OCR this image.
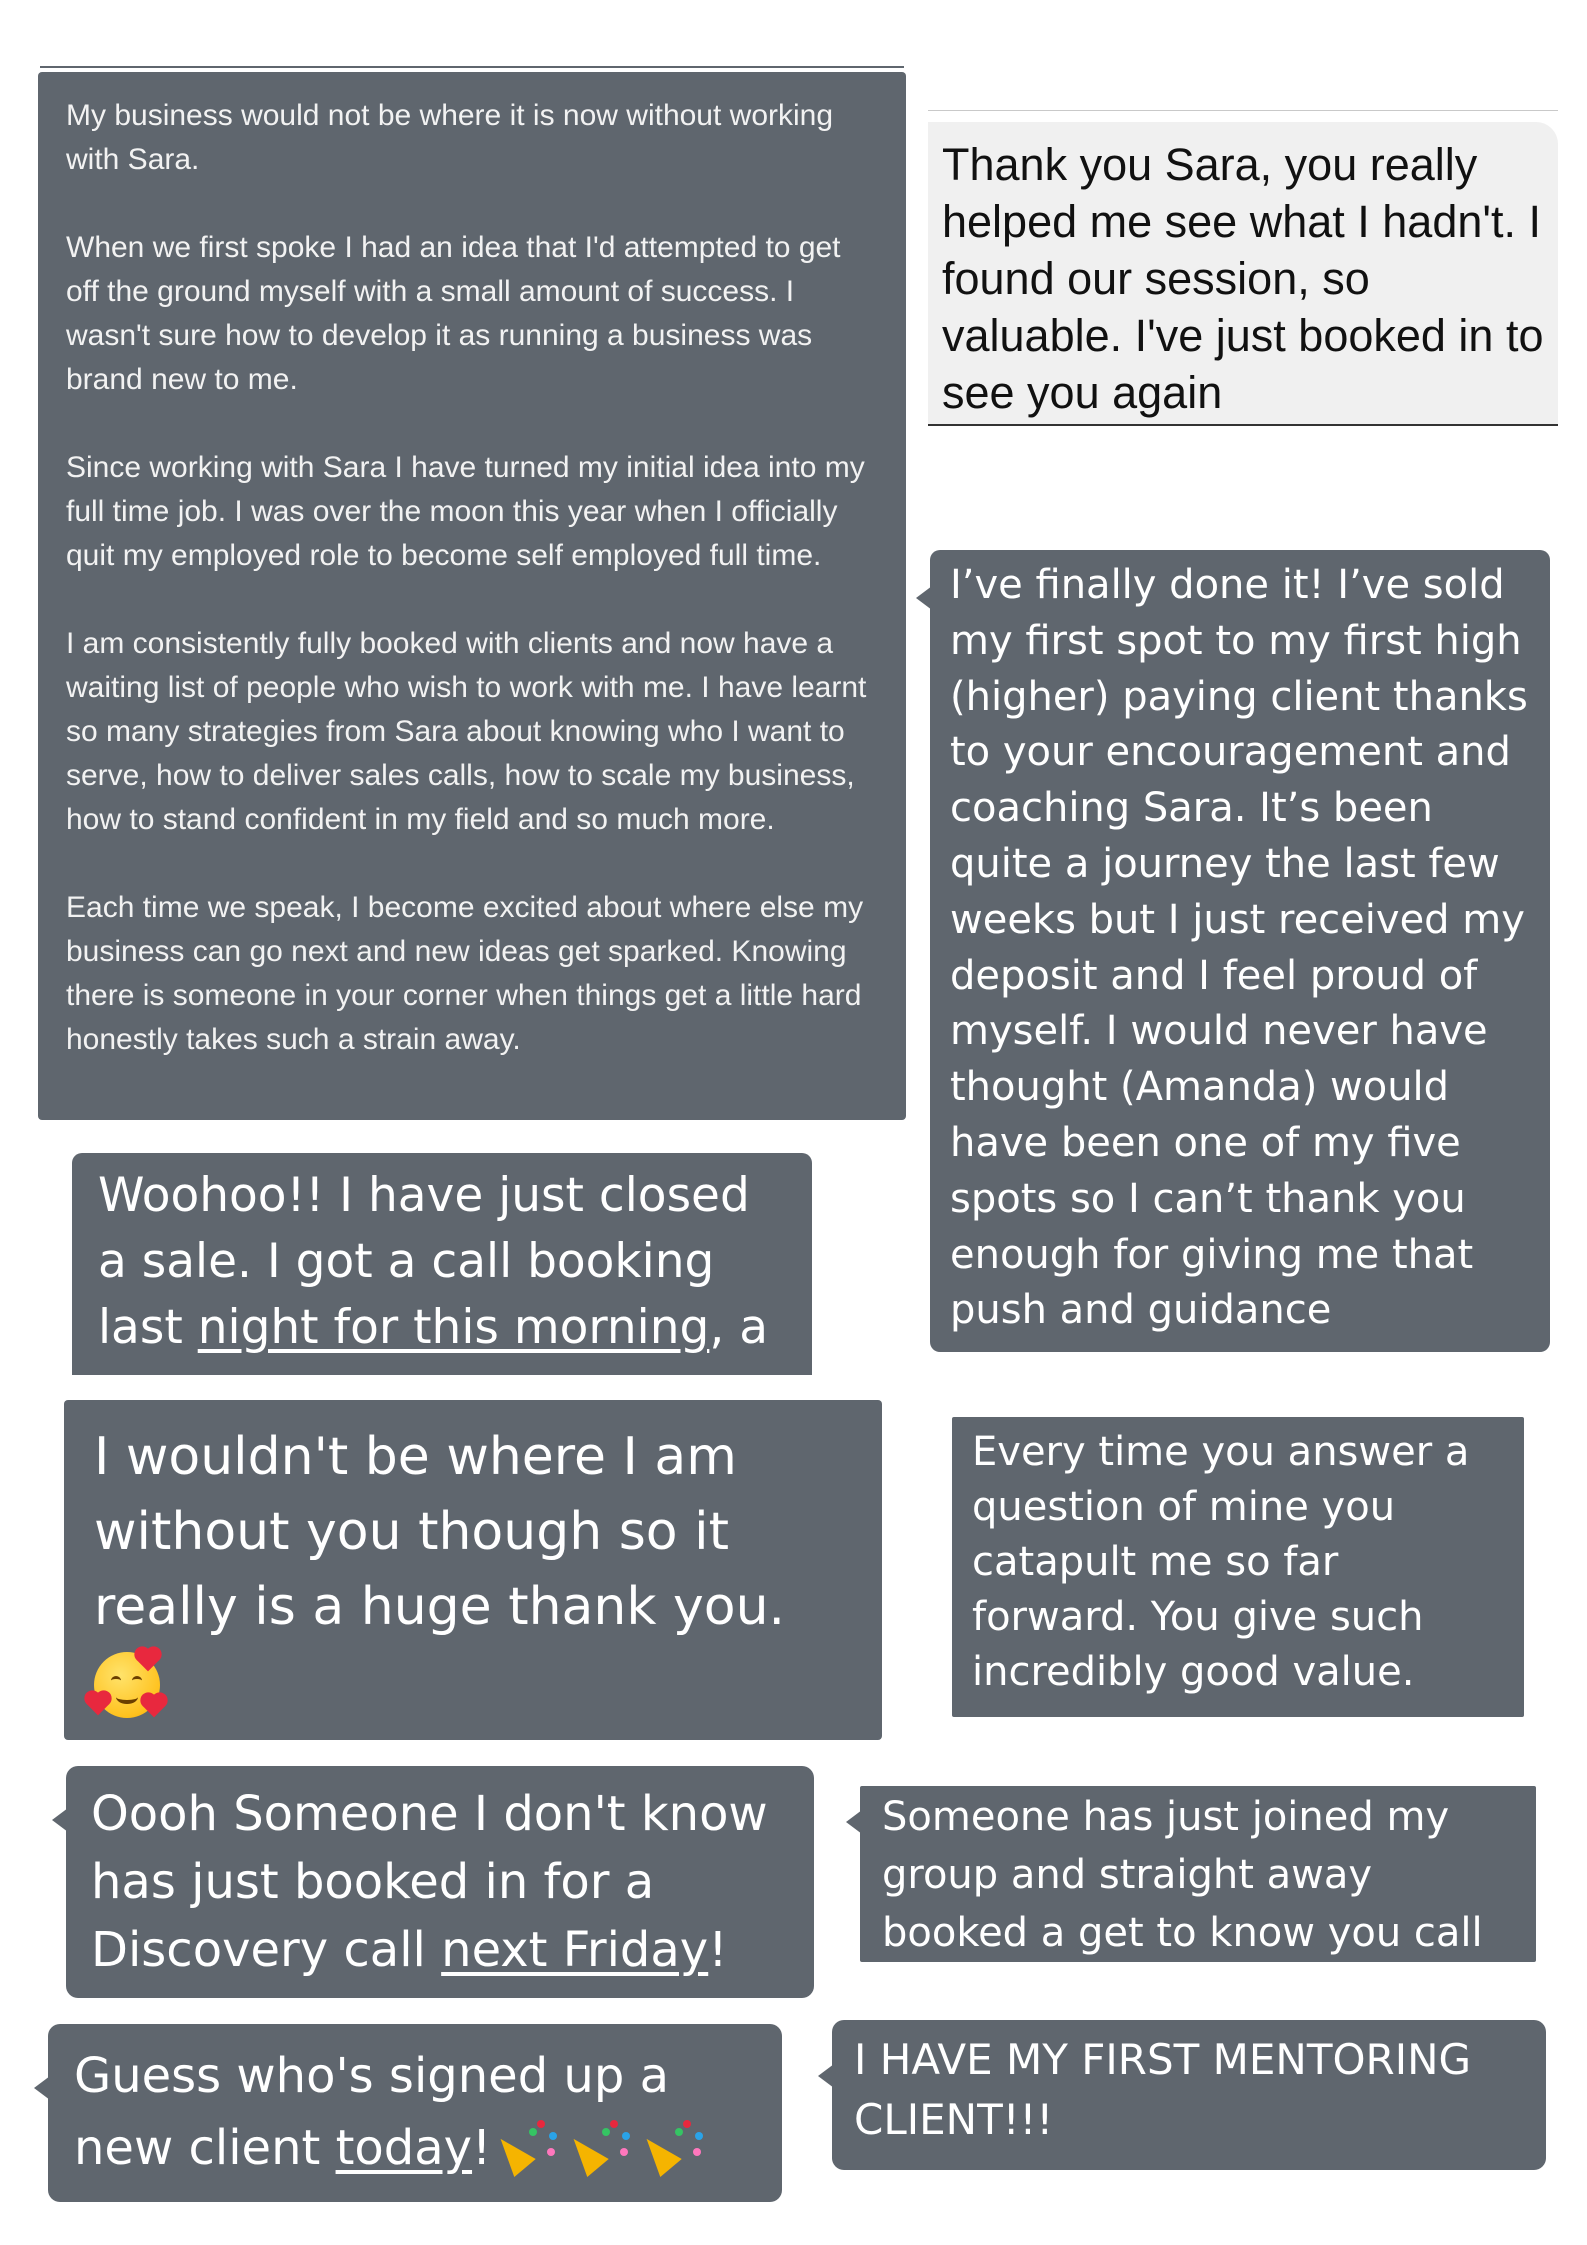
My business would not be where it is now without working with Sara.

When we first spoke I had an idea that I'd attempted to get off the ground myself with a small amount of success. I wasn't sure how to develop it as running a business was brand new to me.

Since working with Sara I have turned my initial idea into my full time job. I was over the moon this year when I officially quit my employed role to become self employed full time.

I am consistently fully booked with clients and now have a waiting list of people who wish to work with me. I have learnt so many strategies from Sara about knowing who I want to serve, how to deliver sales calls, how to scale my business, how to stand confident in my field and so much more.

Each time we speak, I become excited about where else my business can go next and new ideas get sparked. Knowing there is someone in your corner when things get a little hard honestly takes such a strain away.

Thank you Sara, you really helped me see what I hadn't. I found our session, so valuable. I've just booked in to see you again
I’ve finally done it! I’ve sold my first spot to my first high (higher) paying client thanks to your encouragement and coaching Sara. It’s been quite a journey the last few weeks but I just received my deposit and I feel proud of myself. I would never have thought (Amanda) would have been one of my five spots so I can’t thank you enough for giving me that push and guidance
Woohoo!! I have just closed a sale. I got a call booking last night for this morning, a
I wouldn't be where I am without you though so it really is a huge thank you.

Every time you answer a question of mine you catapult me so far forward. You give such incredibly good value.
Oooh Someone I don't know has just booked in for a Discovery call next Friday!
Someone has just joined my group and straight away booked a get to know you call
Guess who's signed up a new client today!

I HAVE MY FIRST MENTORING CLIENT!!!
